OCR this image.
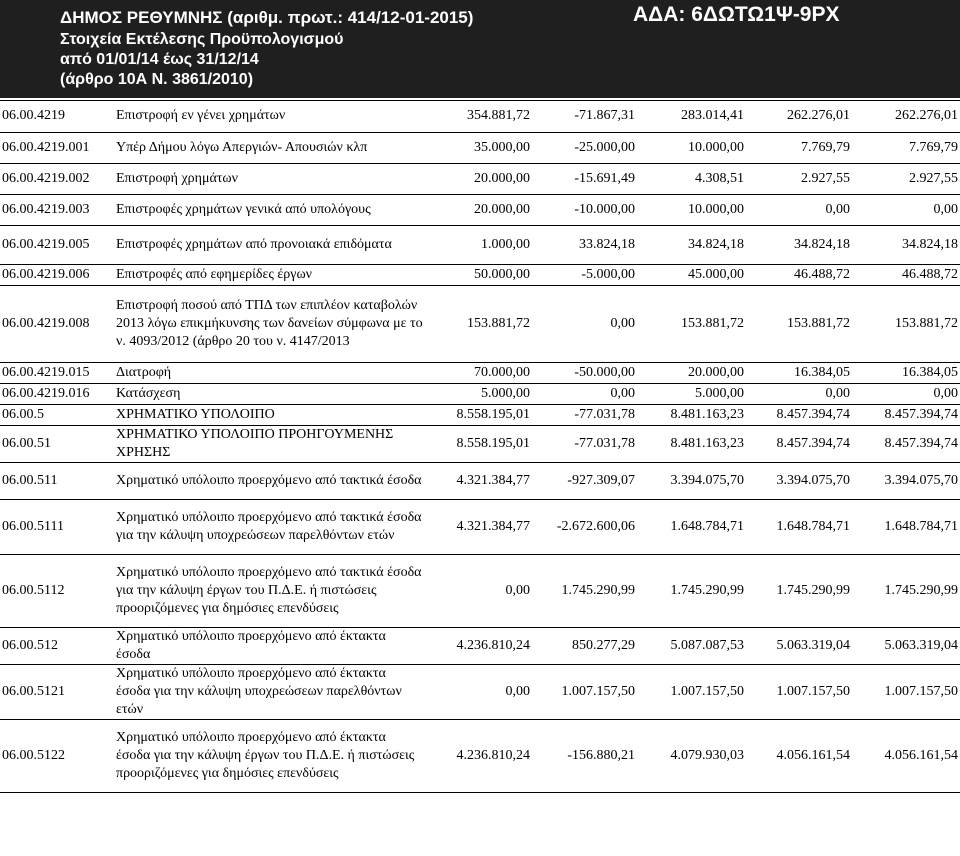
ΔΗΜΟΣ ΡΕΘΥΜΝΗΣ (αριθμ. πρωτ.: 414/12-01-2015)
Στοιχεία Εκτέλεσης Προϋπολογισμού
από 01/01/14 έως 31/12/14
(άρθρο 10Α Ν. 3861/2010)
ΑΔΑ: 6ΔΩΤΩ1Ψ-9ΡΧ
06.00.4219	Επιστροφή εν γένει χρημάτων	354.881,72	-71.867,31	283.014,41	262.276,01	262.276,01
06.00.4219.001	Υπέρ Δήμου λόγω Απεργιών- Απουσιών κλπ	35.000,00	-25.000,00	10.000,00	7.769,79	7.769,79
06.00.4219.002	Επιστροφή χρημάτων	20.000,00	-15.691,49	4.308,51	2.927,55	2.927,55
06.00.4219.003	Επιστροφές χρημάτων γενικά από υπολόγους	20.000,00	-10.000,00	10.000,00	0,00	0,00
06.00.4219.005	Επιστροφές χρημάτων από προνοιακά επιδόματα	1.000,00	33.824,18	34.824,18	34.824,18	34.824,18
06.00.4219.006	Επιστροφές από εφημερίδες έργων	50.000,00	-5.000,00	45.000,00	46.488,72	46.488,72
06.00.4219.008	Επιστροφή ποσού από ΤΠΔ των επιπλέον καταβολών 2013 λόγω επικμήκυνσης των δανείων σύμφωνα με το ν. 4093/2012 (άρθρο 20 του ν. 4147/2013	153.881,72	0,00	153.881,72	153.881,72	153.881,72
06.00.4219.015	Διατροφή	70.000,00	-50.000,00	20.000,00	16.384,05	16.384,05
06.00.4219.016	Κατάσχεση	5.000,00	0,00	5.000,00	0,00	0,00
06.00.5	ΧΡΗΜΑΤΙΚΟ ΥΠΟΛΟΙΠΟ	8.558.195,01	-77.031,78	8.481.163,23	8.457.394,74	8.457.394,74
06.00.51	ΧΡΗΜΑΤΙΚΟ ΥΠΟΛΟΙΠΟ ΠΡΟΗΓΟΥΜΕΝΗΣ ΧΡΗΣΗΣ	8.558.195,01	-77.031,78	8.481.163,23	8.457.394,74	8.457.394,74
06.00.511	Χρηματικό υπόλοιπο προερχόμενο από τακτικά έσοδα	4.321.384,77	-927.309,07	3.394.075,70	3.394.075,70	3.394.075,70
06.00.5111	Χρηματικό υπόλοιπο προερχόμενο από τακτικά έσοδα για την κάλυψη υποχρεώσεων παρελθόντων ετών	4.321.384,77	-2.672.600,06	1.648.784,71	1.648.784,71	1.648.784,71
06.00.5112	Χρηματικό υπόλοιπο προερχόμενο από τακτικά έσοδα για την κάλυψη έργων του Π.Δ.Ε. ή πιστώσεις προοριζόμενες για δημόσιες επενδύσεις	0,00	1.745.290,99	1.745.290,99	1.745.290,99	1.745.290,99
06.00.512	Χρηματικό υπόλοιπο προερχόμενο από έκτακτα έσοδα	4.236.810,24	850.277,29	5.087.087,53	5.063.319,04	5.063.319,04
06.00.5121	Χρηματικό υπόλοιπο προερχόμενο από έκτακτα έσοδα για την κάλυψη υποχρεώσεων παρελθόντων ετών	0,00	1.007.157,50	1.007.157,50	1.007.157,50	1.007.157,50
06.00.5122	Χρηματικό υπόλοιπο προερχόμενο από έκτακτα έσοδα για την κάλυψη έργων του Π.Δ.Ε. ή πιστώσεις προοριζόμενες για δημόσιες επενδύσεις	4.236.810,24	-156.880,21	4.079.930,03	4.056.161,54	4.056.161,54
